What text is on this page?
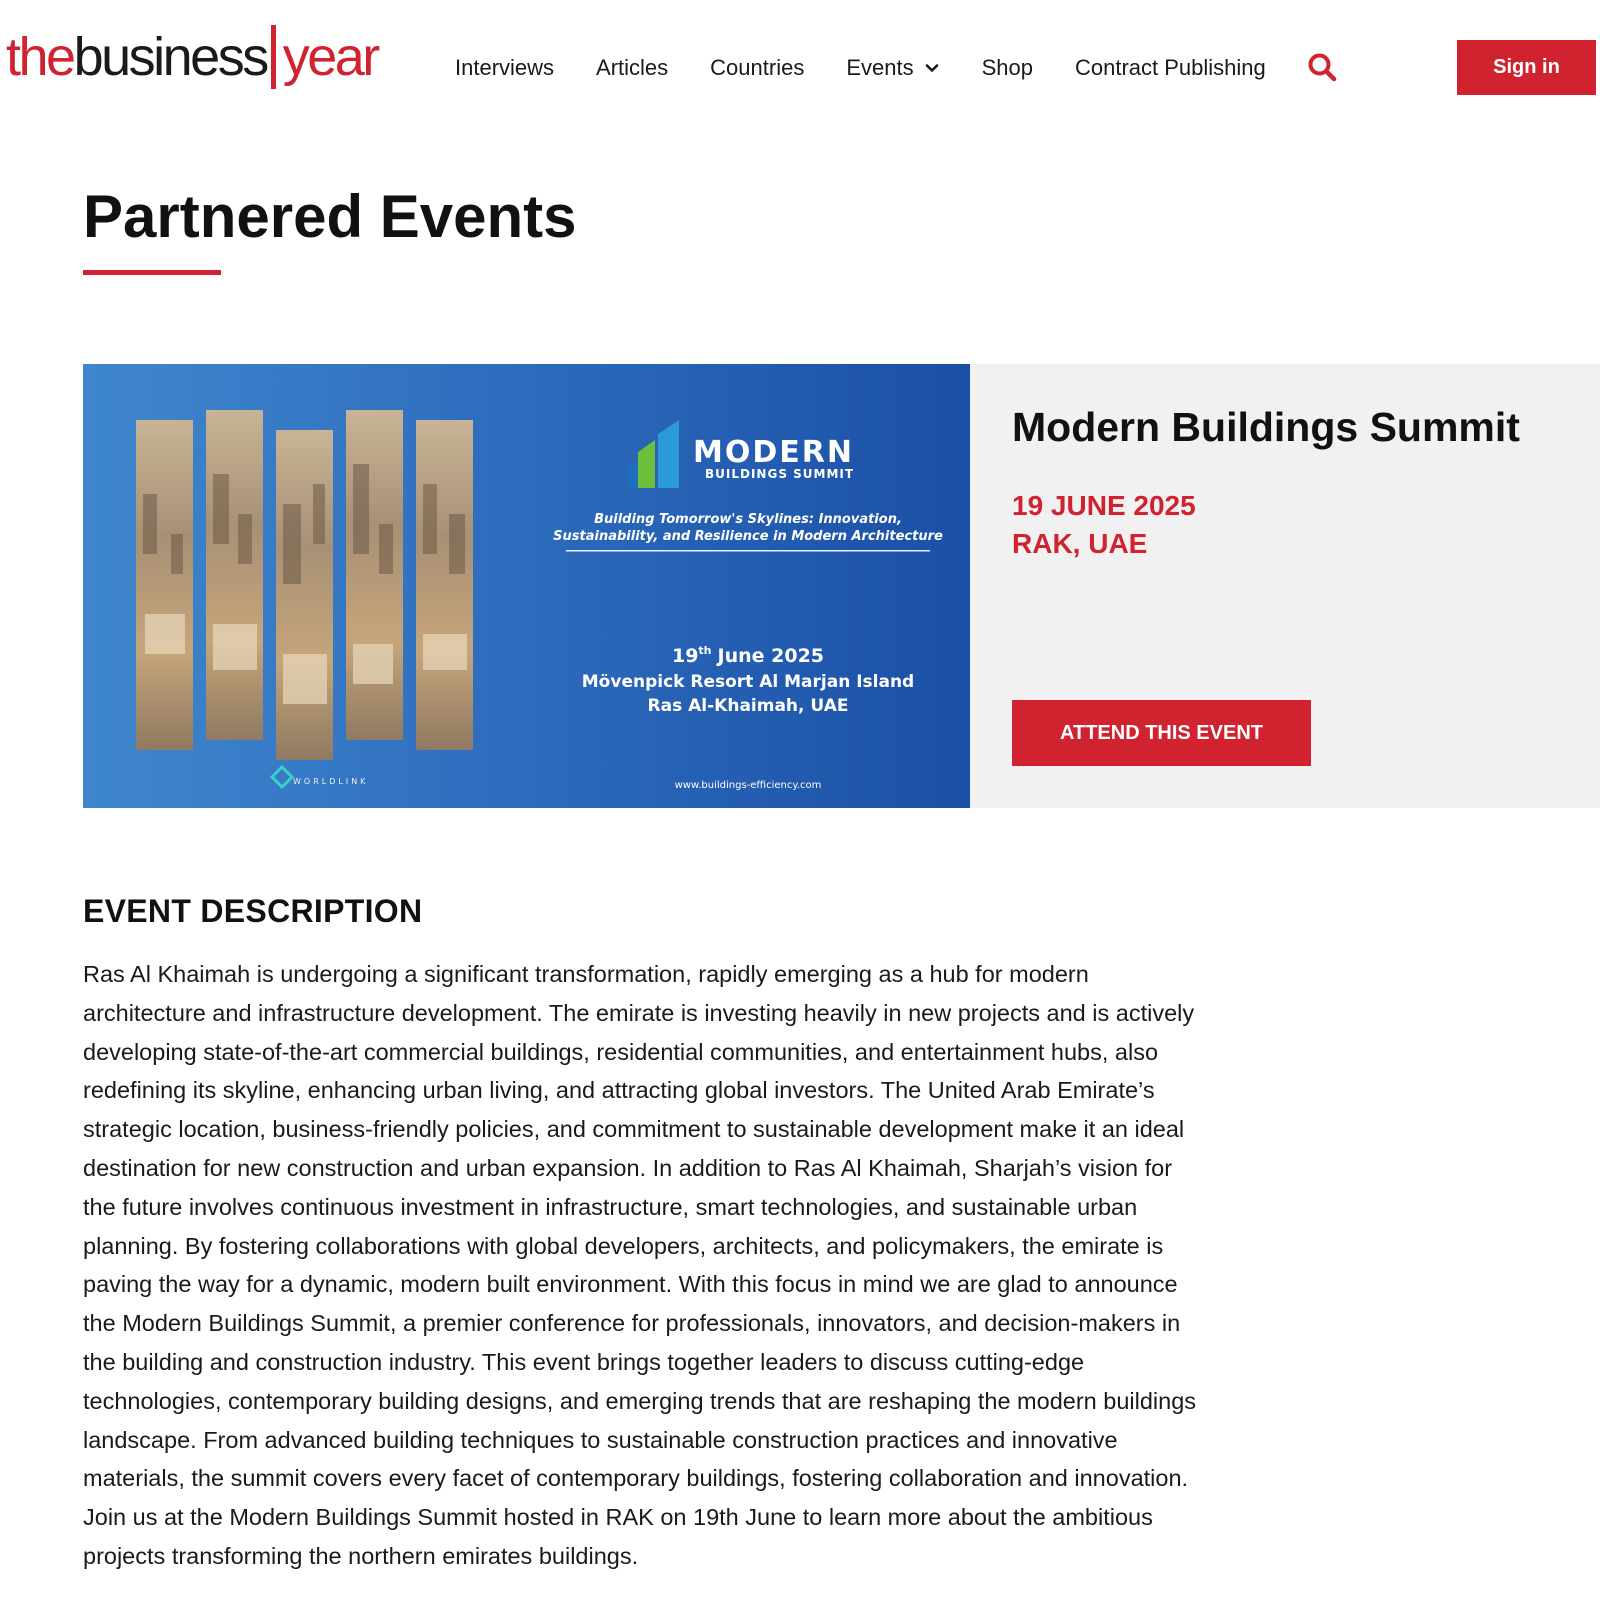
thebusiness year	Interviews Articles Countries Events	Shop Contract Publishing	Sign in
Partnered Events
MODERN
BUILDINGS SUMMIT
Building Tomorrow's Skylines: Innovation,
Sustainability, and Resilience in Modern Architecture
19th June 2025
Mövenpick Resort Al Marjan Island
Ras Al-Khaimah, UAE
WORLDLINK	www.buildings-efficiency.com
Modern Buildings Summit
19 JUNE 2025
RAK, UAE
ATTEND THIS EVENT
EVENT DESCRIPTION

Ras Al Khaimah is undergoing a significant transformation, rapidly emerging as a hub for modern architecture and infrastructure development. The emirate is investing heavily in new projects and is actively developing state-of-the-art commercial buildings, residential communities, and entertainment hubs, also redefining its skyline, enhancing urban living, and attracting global investors. The United Arab Emirate’s strategic location, business-friendly policies, and commitment to sustainable development make it an ideal destination for new construction and urban expansion. In addition to Ras Al Khaimah, Sharjah’s vision for the future involves continuous investment in infrastructure, smart technologies, and sustainable urban planning. By fostering collaborations with global developers, architects, and policymakers, the emirate is paving the way for a dynamic, modern built environment. With this focus in mind we are glad to announce the Modern Buildings Summit, a premier conference for professionals, innovators, and decision-makers in the building and construction industry. This event brings together leaders to discuss cutting-edge technologies, contemporary building designs, and emerging trends that are reshaping the modern buildings landscape. From advanced building techniques to sustainable construction practices and innovative materials, the summit covers every facet of contemporary buildings, fostering collaboration and innovation. Join us at the Modern Buildings Summit hosted in RAK on 19th June to learn more about the ambitious projects transforming the northern emirates buildings.
